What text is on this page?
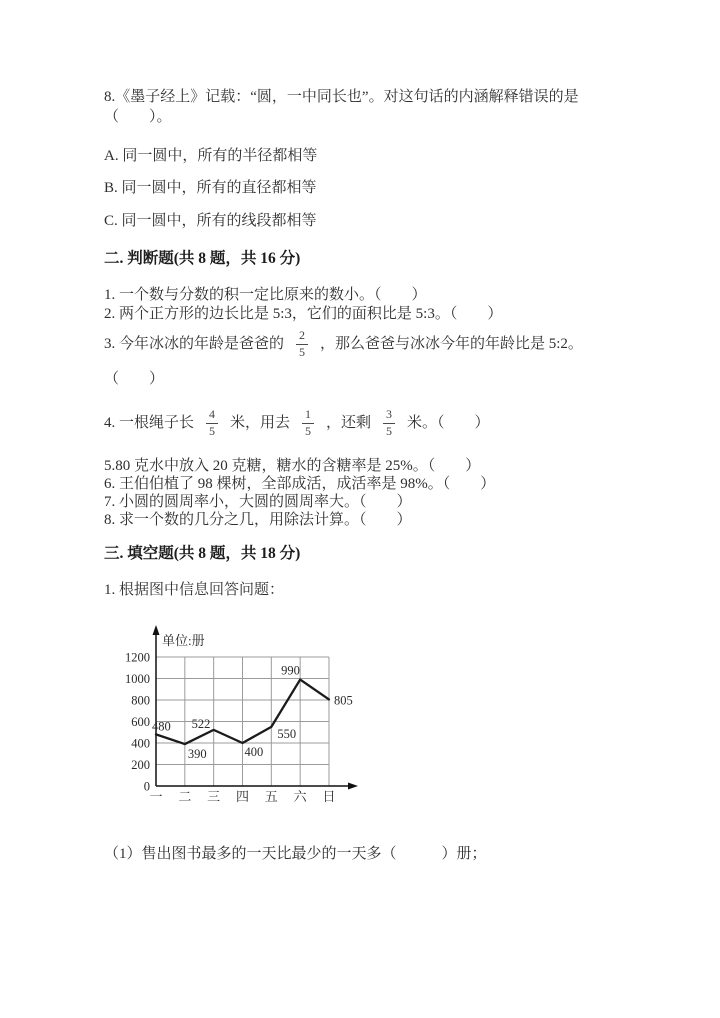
8.《墨子经上》记载：“圆，一中同长也”。对这句话的内涵解释错误的是
（　　）。
A. 同一圆中，所有的半径都相等
B. 同一圆中，所有的直径都相等
C. 同一圆中，所有的线段都相等
二. 判断题(共 8 题，共 16 分)
1. 一个数与分数的积一定比原来的数小。（　　）
2. 两个正方形的边长比是 5:3，它们的面积比是 5:3。（　　）
3. 今年冰冰的年龄是爸爸的 $\frac{2}{5}$ ，那么爸爸与冰冰今年的年龄比是 5:2。
（　　）
4. 一根绳子长 $\frac{4}{5}$ 米，用去 $\frac{1}{5}$ ，还剩 $\frac{3}{5}$ 米。（　　）
5.80 克水中放入 20 克糖，糖水的含糖率是 25%。（　　）
6. 王伯伯植了 98 棵树，全部成活，成活率是 98%。（　　）
7. 小圆的圆周率小，大圆的圆周率大。（　　）
8. 求一个数的几分之几，用除法计算。（　　）
三. 填空题(共 8 题，共 18 分)
1. 根据图中信息回答问题：
0
200
400
600
800
1000
1200
一 二 三 四 五 六 日
单位:册
480
390
522
400
550
990
805
（1）售出图书最多的一天比最少的一天多（　　　）册；
